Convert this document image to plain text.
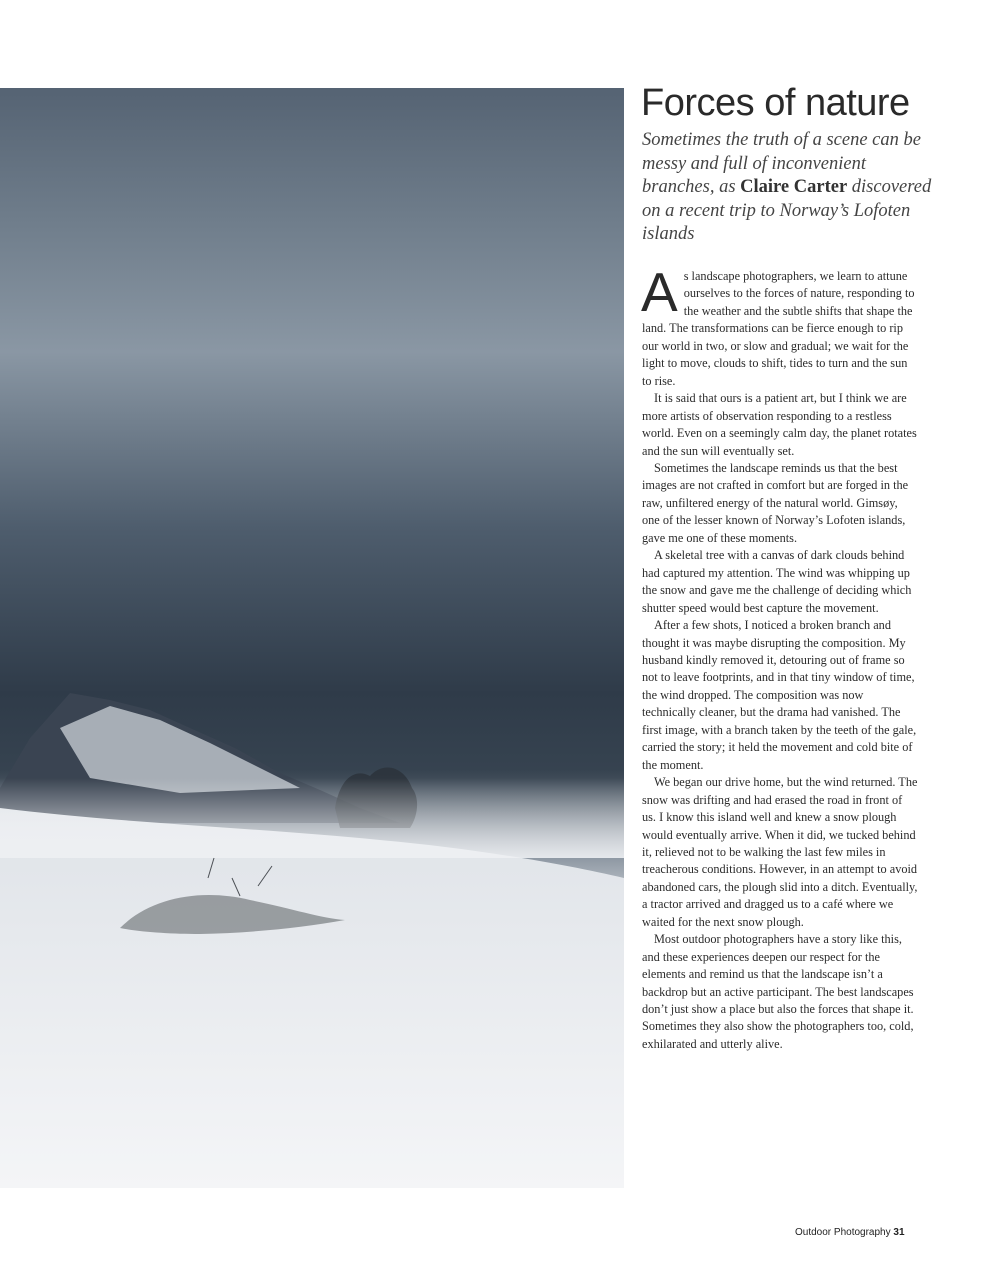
Forces of nature

Sometimes the truth of a scene can be messy and full of inconvenient branches, as Claire Carter discovered on a recent trip to Norway’s Lofoten islands

As landscape photographers, we learn to attune ourselves to the forces of nature, responding to the weather and the subtle shifts that shape the land. The transformations can be fierce enough to rip our world in two, or slow and gradual; we wait for the light to move, clouds to shift, tides to turn and the sun to rise.

It is said that ours is a patient art, but I think we are more artists of observation responding to a restless world. Even on a seemingly calm day, the planet rotates and the sun will eventually set.

Sometimes the landscape reminds us that the best images are not crafted in comfort but are forged in the raw, unfiltered energy of the natural world. Gimsøy, one of the lesser known of Norway’s Lofoten islands, gave me one of these moments.

A skeletal tree with a canvas of dark clouds behind had captured my attention. The wind was whipping up the snow and gave me the challenge of deciding which shutter speed would best capture the movement.

After a few shots, I noticed a broken branch and thought it was maybe disrupting the composition. My husband kindly removed it, detouring out of frame so not to leave footprints, and in that tiny window of time, the wind dropped. The composition was now technically cleaner, but the drama had vanished. The first image, with a branch taken by the teeth of the gale, carried the story; it held the movement and cold bite of the moment.

We began our drive home, but the wind returned. The snow was drifting and had erased the road in front of us. I know this island well and knew a snow plough would eventually arrive. When it did, we tucked behind it, relieved not to be walking the last few miles in treacherous conditions. However, in an attempt to avoid abandoned cars, the plough slid into a ditch. Eventually, a tractor arrived and dragged us to a café where we waited for the next snow plough.

Most outdoor photographers have a story like this, and these experiences deepen our respect for the elements and remind us that the landscape isn’t a backdrop but an active participant. The best landscapes don’t just show a place but also the forces that shape it. Sometimes they also show the photographers too, cold, exhilarated and utterly alive.

Outdoor Photography 31
